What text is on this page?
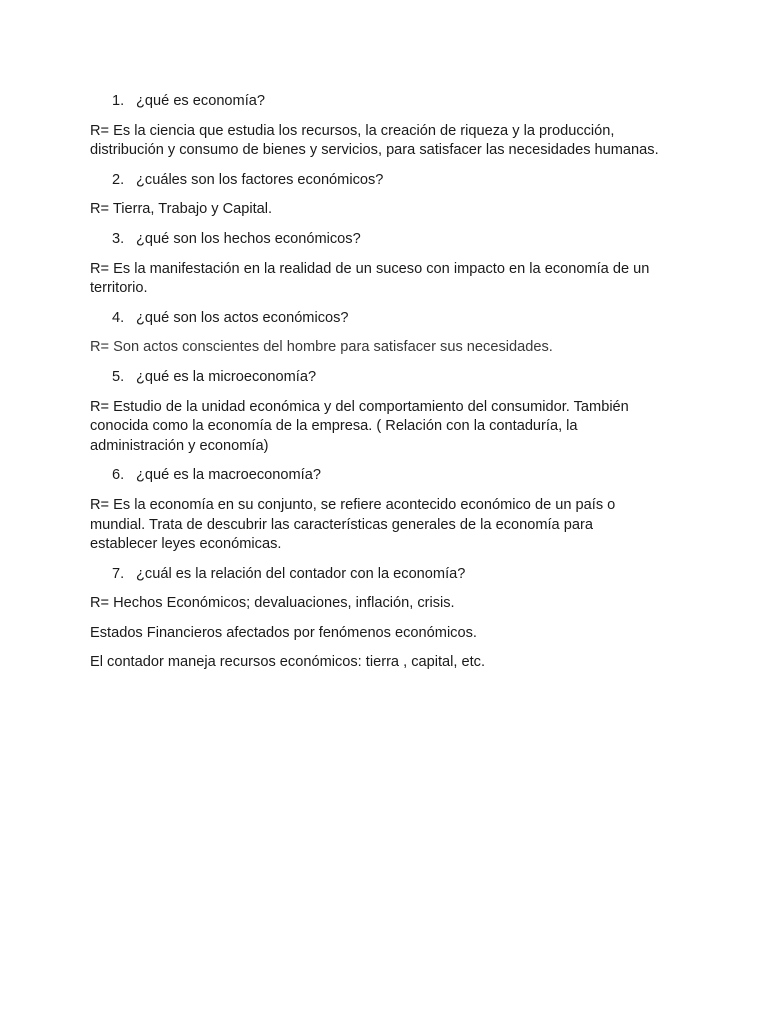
1. ¿qué es economía?
R= Es la ciencia que estudia los recursos, la creación de riqueza y la producción,
distribución y consumo de bienes y servicios, para satisfacer las necesidades humanas.
2. ¿cuáles son los factores económicos?
R= Tierra, Trabajo y Capital.
3. ¿qué son los hechos económicos?
R= Es la manifestación en la realidad de un suceso con impacto en la economía de un
territorio.
4. ¿qué son los actos económicos?
R= Son actos conscientes del hombre para satisfacer sus necesidades.
5. ¿qué es la microeconomía?
R= Estudio de la unidad económica y del comportamiento del consumidor. También
conocida como la economía de la empresa. ( Relación con la contaduría, la
administración y economía)
6. ¿qué es la macroeconomía?
R= Es la economía en su conjunto, se refiere acontecido económico de un país o
mundial. Trata de descubrir las características generales de la economía para
establecer leyes económicas.
7. ¿cuál es la relación del contador con la economía?
R= Hechos Económicos; devaluaciones, inflación, crisis.
Estados Financieros afectados por fenómenos económicos.
El contador maneja recursos económicos: tierra , capital, etc.
